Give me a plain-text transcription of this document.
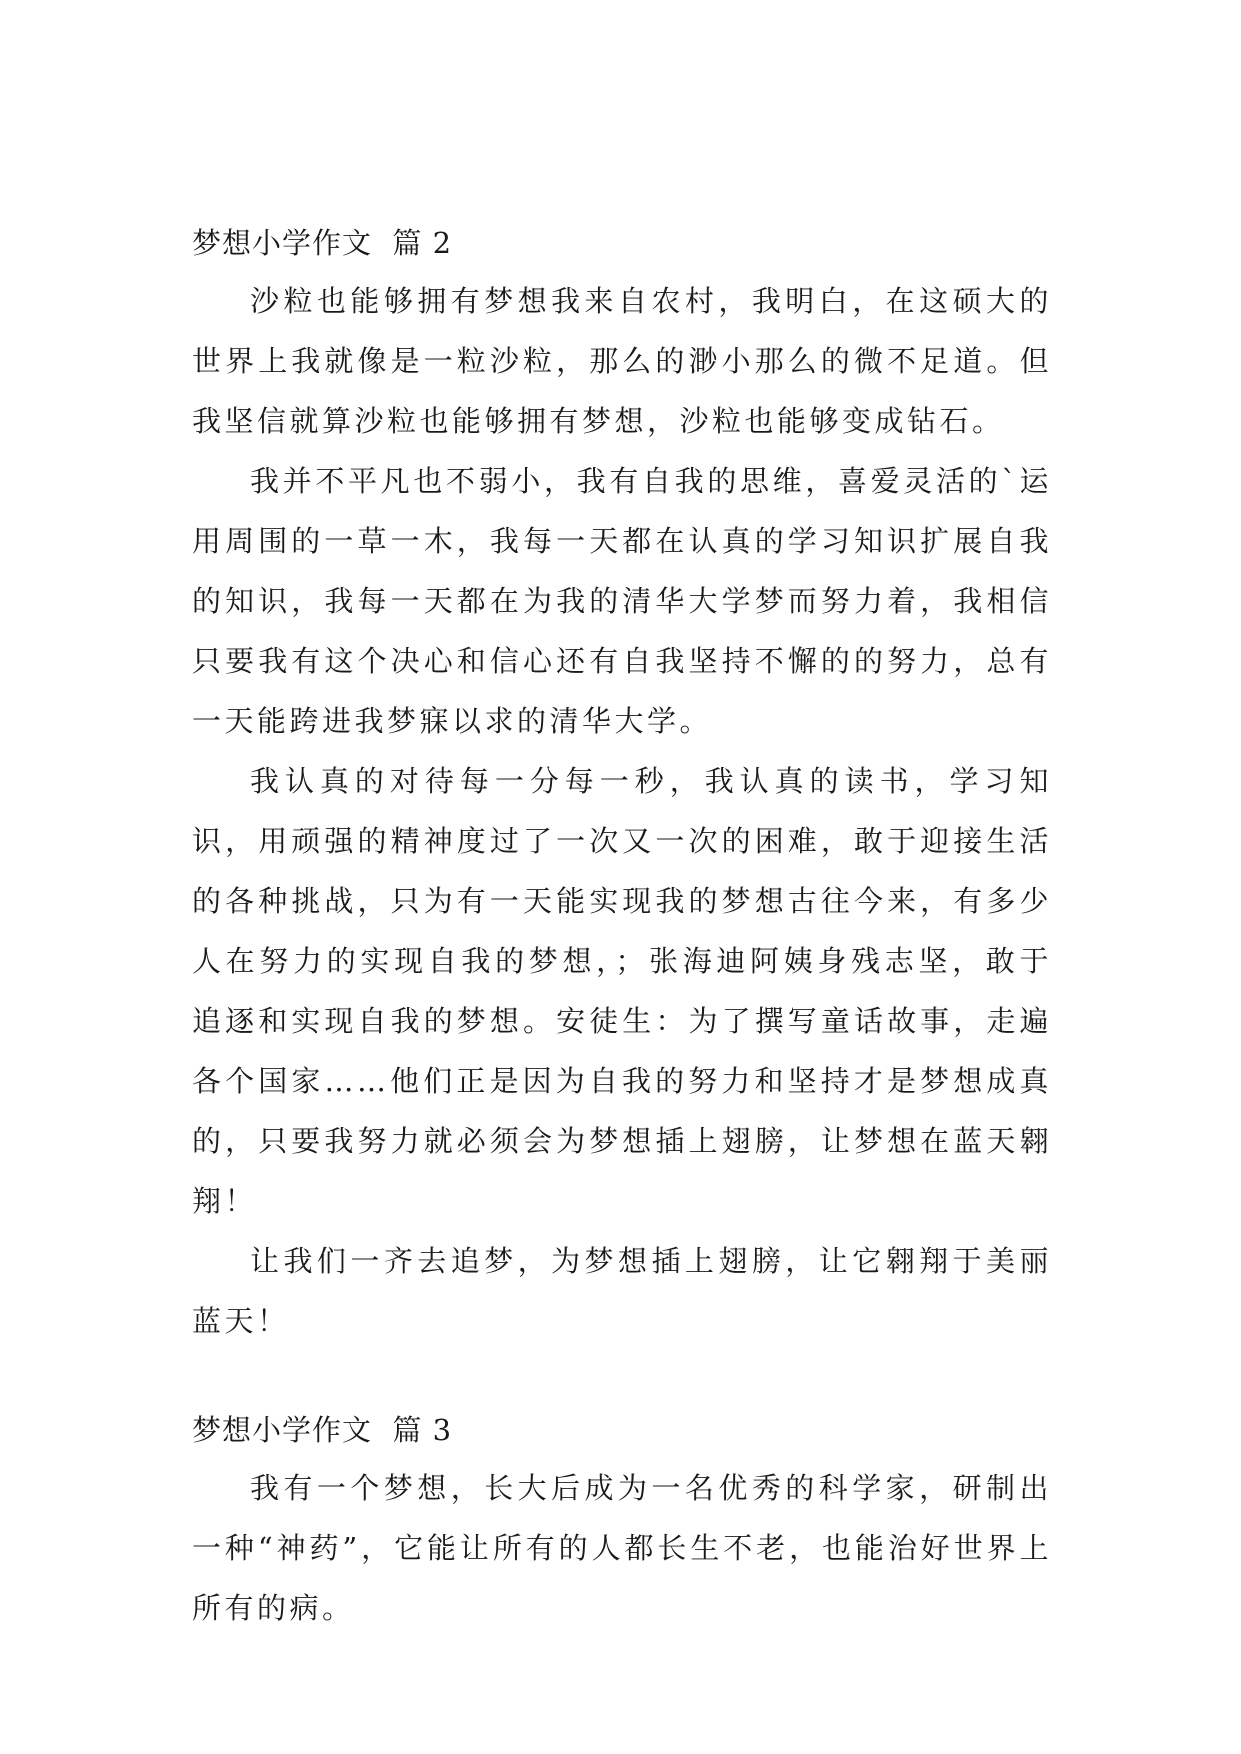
梦想小学作文  篇 2

沙粒也能够拥有梦想我来自农村，我明白，在这硕大的世界上我就像是一粒沙粒，那么的渺小那么的微不足道。但我坚信就算沙粒也能够拥有梦想，沙粒也能够变成钻石。

我并不平凡也不弱小，我有自我的思维，喜爱灵活的`运用周围的一草一木，我每一天都在认真的学习知识扩展自我的知识，我每一天都在为我的清华大学梦而努力着，我相信只要我有这个决心和信心还有自我坚持不懈的的努力，总有一天能跨进我梦寐以求的清华大学。

我认真的对待每一分每一秒，我认真的读书，学习知识，用顽强的精神度过了一次又一次的困难，敢于迎接生活的各种挑战，只为有一天能实现我的梦想古往今来，有多少人在努力的实现自我的梦想，；张海迪阿姨身残志坚，敢于追逐和实现自我的梦想。安徒生：为了撰写童话故事，走遍各个国家……他们正是因为自我的努力和坚持才是梦想成真的，只要我努力就必须会为梦想插上翅膀，让梦想在蓝天翱翔！

让我们一齐去追梦，为梦想插上翅膀，让它翱翔于美丽蓝天！

梦想小学作文  篇 3

我有一个梦想，长大后成为一名优秀的科学家，研制出一种“神药”，它能让所有的人都长生不老，也能治好世界上所有的病。
